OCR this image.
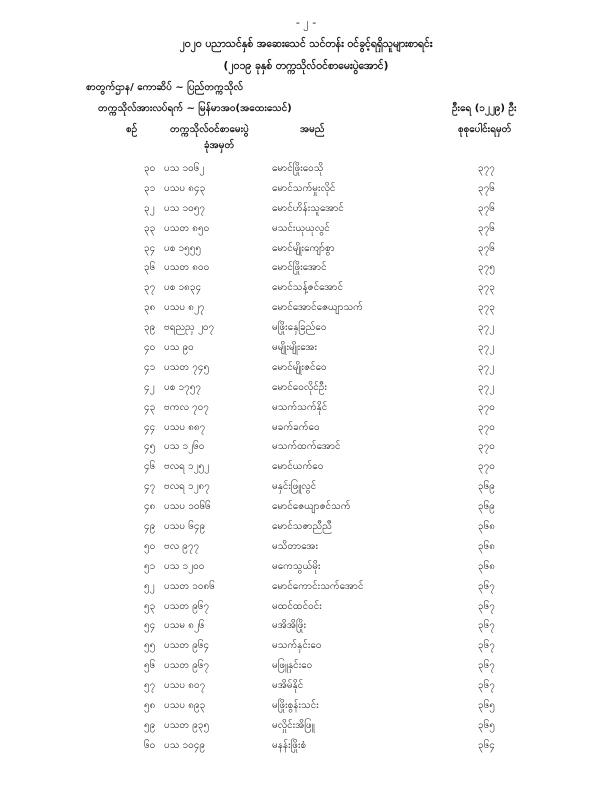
- ၂ -
၂၀၂၀ ပညာသင်နှစ် အဆေးသေင် သင်တန်း ဝင်ခွင့်ရရှိသူများစာရင်း
(၂၀၁၉ ခုနှစ် တက္ကသိုလ်ဝင်စာမေးပွဲအောင်)
စာတွက်ဌာန/ ကောဆိပ် ~ ပြည်တက္ကသိုလ်
တက္ကသိုလ်အားလပ်ရက် ~ မြန်မာအဝ(အထေးသေင်)	ဦးရေ (၁၂၂၉) ဦး
စဉ်	တက္ကသိုလ်ဝင်စာမေးပွဲ
ခုံအမှတ်
အမည်	စုစုပေါင်းရမှတ်
၃၀ ပသ ၁၀၆၂	မောင်ဖြိုးဝေသို	၃၇၇
၃၁ ပသပ ၈၄၃	မောင်သက်မှုးလိုင်	၃၇၆
၃၂ ပသ ၁၀၅၇	မောင်ဟိန်းသူအောင်	၃၇၆
၃၃ ပသတ ၈၅၀	မသင်းယုယုလွင်	၃၇၆
၃၄ ပစ ၁၅၅၅	မောင်မျိုးကျော်စွာ	၃၇၆
၃၆ ပသတ ၈၀၀	မောင်ဖြိုးအောင်	၃၇၅
၃၇ ပစ ၁၈၃၄	မောင်သန့်ဇင်အောင်	၃၇၃
၃၈ ပသပ ၈၂၇	မောင်အောင်ဇေယျာသက်	၃၇၃
၃၉ ဗရညညှ ၂၀၇	မဖြိုးနှေခြည်ဝေ	၃၇၂
၄၀ ပသ ၉၀	မမျိုးမျိုးအေး	၃၇၂
၄၁ ပသတ ၇၄၅	မောင်မျိုးဇင်ဝေ	၃၇၂
၄၂ ပစ ၁၇၅၇	မောင်ဝေလိုင်ဦး	၃၇၂
၄၃ ဗကလ ၇၀၇	မသက်သက်နိုင်	၃၇၀
၄၄ ပသပ ၈၈၇	မခက်ခက်ဝေ	၃၇၀
၄၅ ပသ ၁၂၆၀	မသက်ထက်အောင်	၃၇၀
၄၆ ဗလရ ၁၂၅၂	မောင်ယက်ဝေ	၃၇၀
၄၇ ဗလရ ၁၂၈၇	မနှင်းဖြူလွင်	၃၆၉
၄၈ ပသပ ၁၀၆၆	မောင်ဇေယျာဇင်သက်	၃၆၉
၄၉ ပသပ ၆၄၉	မောင်သဇာညီညီ	၃၆၈
၅၀ ဗလ ၉၇၇	မသိတာအေး	၃၆၈
၅၁ ပသ ၁၂၀၀	မကေသွယ်မိုး	၃၆၈
၅၂ ပသတ ၁၀၈၆	မောင်ကောင်းသက်အောင်	၃၆၇
၅၃ ပသတ ၉၆၇	မထင်ထင်ဝင်း	၃၆၇
၅၄ ပသမ ၈၂၆	မအိအိဖြိုး	၃၆၇
၅၅ ပသတ ၉၆၄	မသက်နှင်းဝေ	၃၆၇
၅၆ ပသတ ၉၆၇	မဖြူနှင်းဝေ	၃၆၇
၅၇ ပသပ ၈၀၇	မအိမ်နိုင်	၃၆၇
၅၈ ပသပ ၈၉၃	မဖြိုးစွန်းသင်း	၃၆၅
၅၉ ပသတ ၉၃၅	မလှိုင်းအိဖြူ	၃၆၅
၆၀ ပသ ၁၀၄၉	မနန်းဖြိုးစံ	၃၆၄
